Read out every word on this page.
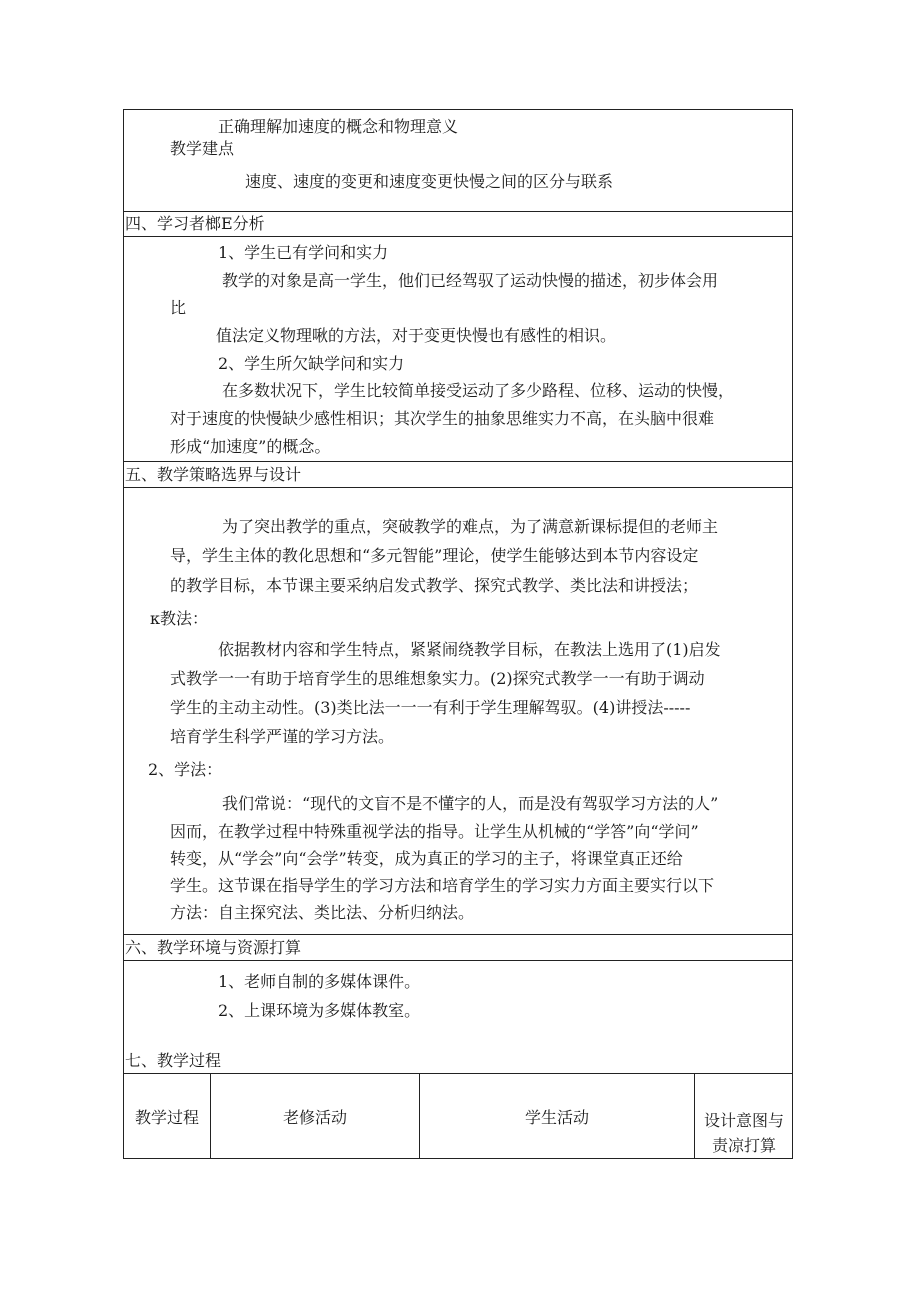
正确理解加速度的概念和物理意义
教学建点
速度、速度的变更和速度变更快慢之间的区分与联系
四、学习者榔E分析
1、学生已有学问和实力
教学的对象是高一学生，他们已经驾驭了运动快慢的描述，初步体会用
比
值法定义物理啾的方法，对于变更快慢也有感性的相识。
2、学生所欠缺学问和实力
在多数状况下，学生比较简单接受运动了多少路程、位移、运动的快慢，
对于速度的快慢缺少感性相识；其次学生的抽象思维实力不高，在头脑中很难
形成“加速度”的概念。
五、教学策略选界与设计
为了突出教学的重点，突破教学的难点，为了满意新课标提但的老师主
导，学生主体的教化思想和“多元智能”理论，使学生能够达到本节内容设定
的教学目标，本节课主要采纳启发式教学、探究式教学、类比法和讲授法；
κ教法：
依据教材内容和学生特点，紧紧闹绕教学目标，在教法上选用了(1)启发
式教学一一有助于培育学生的思维想象实力。(2)探究式教学一一有助于调动
学生的主动主动性。(3)类比法一一一有利于学生理解驾驭。(4)讲授法-----
培育学生科学严谨的学习方法。
2、学法：
我们常说：“现代的文盲不是不懂字的人，而是没有驾驭学习方法的人”
因而，在教学过程中特殊重视学法的指导。让学生从机械的“学答”向“学问”
转变，从“学会”向“会学”转变，成为真正的学习的主子，将课堂真正还给
学生。这节课在指导学生的学习方法和培育学生的学习实力方面主要实行以下
方法：自主探究法、类比法、分析归纳法。
六、教学环境与资源打算
1、老师自制的多媒体课件。
2、上课环境为多媒体教室。
七、教学过程
教学过程	老修活动	学生活动	设计意图与
责凉打算
